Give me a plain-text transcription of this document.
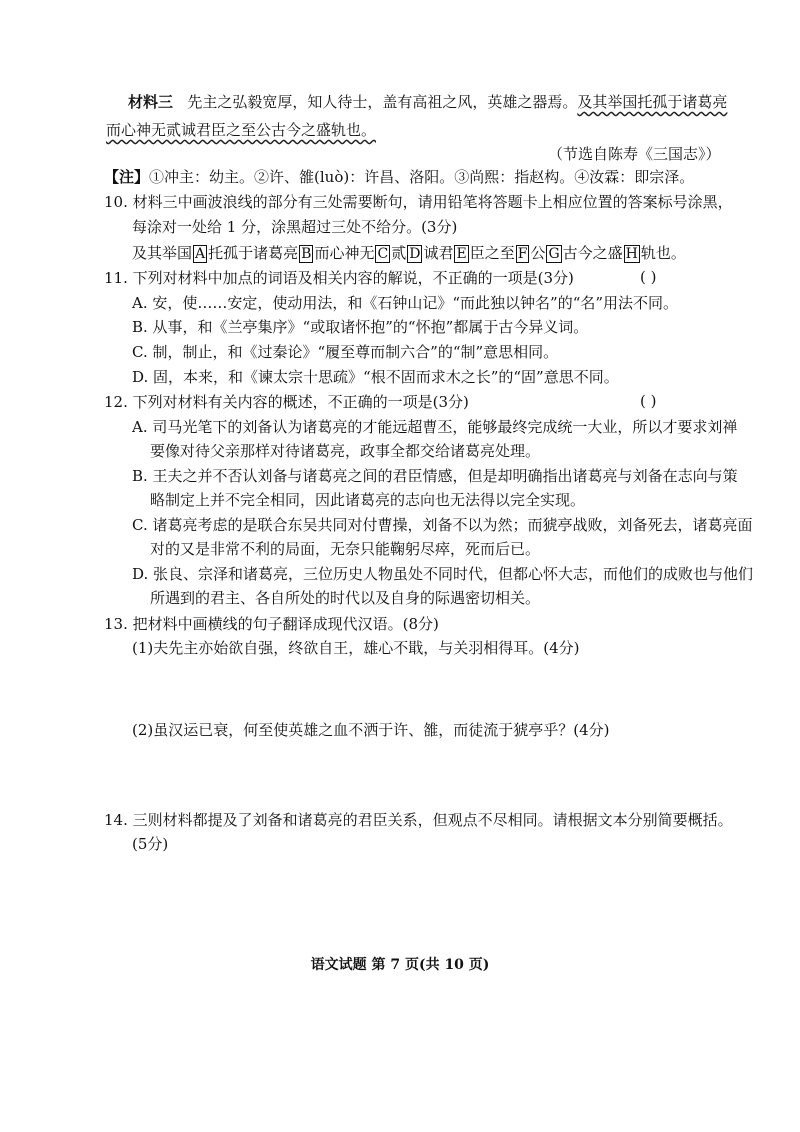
材料三 先主之弘毅宽厚，知人待士，盖有高祖之风，英雄之器焉。及其举国托孤于诸葛亮
而心神无贰诚君臣之至公古今之盛轨也。
（节选自陈寿《三国志》）
【注】①冲主：幼主。②许、雒(luò)：许昌、洛阳。③尚熙：指赵构。④汝霖：即宗泽。
10. 材料三中画波浪线的部分有三处需要断句，请用铅笔将答题卡上相应位置的答案标号涂黑，
每涂对一处给 1 分，涂黑超过三处不给分。(3分)
及其举国 A 托孤于诸葛亮 B 而心神无 C 贰 D 诚君 E 臣之至 F 公 G 古今之盛 H 轨也。
11. 下列对材料中加点的词语及相关内容的解说，不正确的一项是(3分)	( )
A. 安，使……安定，使动用法，和《石钟山记》“而此独以钟名”的“名”用法不同。
B. 从事，和《兰亭集序》“或取诸怀抱”的“怀抱”都属于古今异义词。
C. 制，制止，和《过秦论》“履至尊而制六合”的“制”意思相同。
D. 固，本来，和《谏太宗十思疏》“根不固而求木之长”的“固”意思不同。
12. 下列对材料有关内容的概述，不正确的一项是(3分)	( )
A. 司马光笔下的刘备认为诸葛亮的才能远超曹丕，能够最终完成统一大业，所以才要求刘禅
要像对待父亲那样对待诸葛亮，政事全都交给诸葛亮处理。
B. 王夫之并不否认刘备与诸葛亮之间的君臣情感，但是却明确指出诸葛亮与刘备在志向与策
略制定上并不完全相同，因此诸葛亮的志向也无法得以完全实现。
C. 诸葛亮考虑的是联合东吴共同对付曹操，刘备不以为然；而猇亭战败，刘备死去，诸葛亮面
对的又是非常不利的局面，无奈只能鞠躬尽瘁，死而后已。
D. 张良、宗泽和诸葛亮，三位历史人物虽处不同时代，但都心怀大志，而他们的成败也与他们
所遇到的君主、各自所处的时代以及自身的际遇密切相关。
13. 把材料中画横线的句子翻译成现代汉语。(8分)
(1)夫先主亦始欲自强，终欲自王，雄心不戢，与关羽相得耳。(4分)
(2)虽汉运已衰，何至使英雄之血不洒于许、雒，而徒流于猇亭乎？(4分)
14. 三则材料都提及了刘备和诸葛亮的君臣关系，但观点不尽相同。请根据文本分别简要概括。
(5分)
语文试题 第 7 页(共 10 页)
